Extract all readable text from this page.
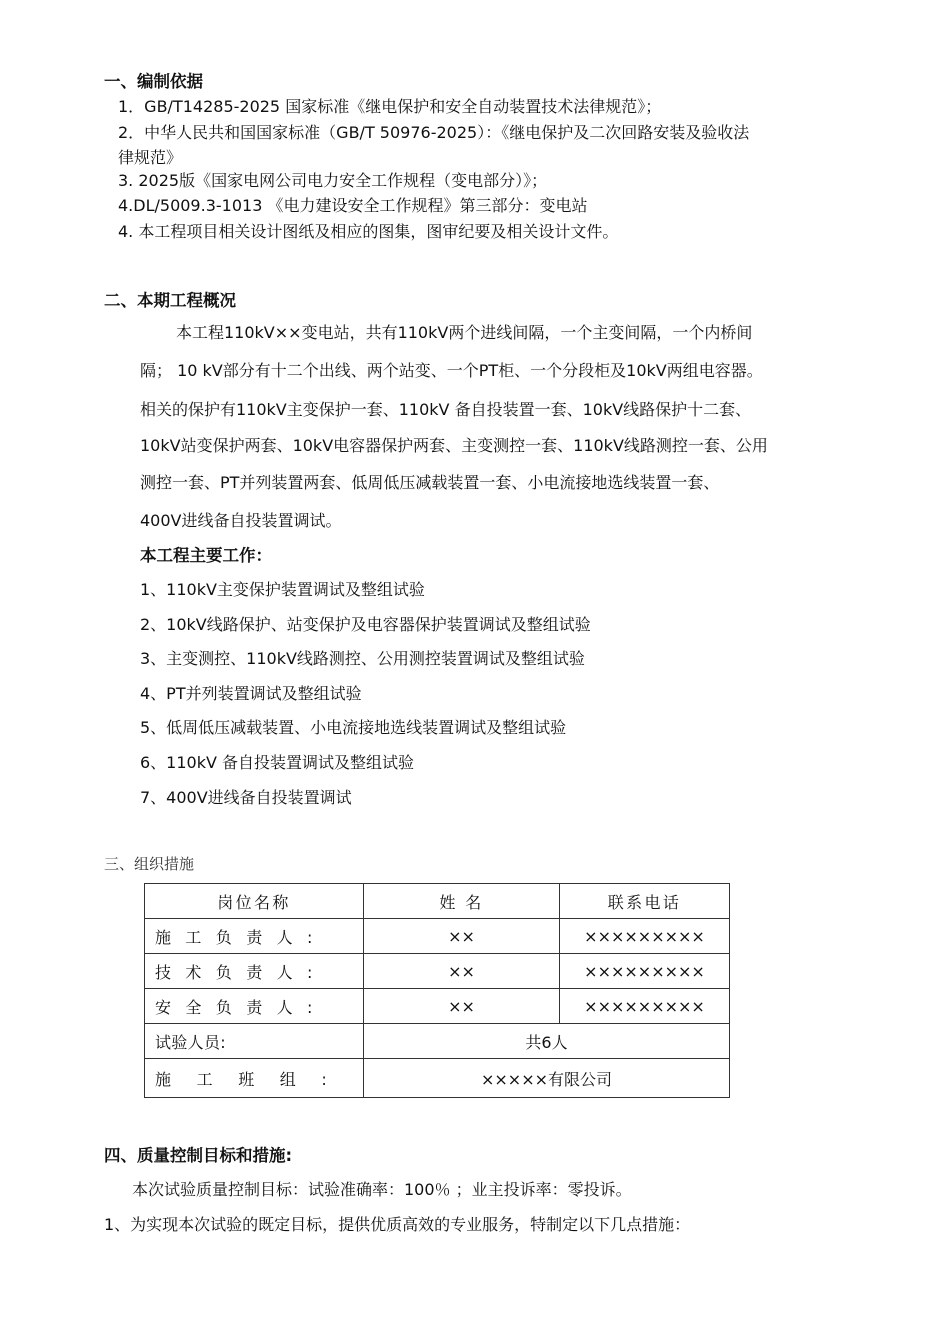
一、编制依据
1．GB/T14285-2025 国家标准《继电保护和安全自动装置技术法律规范》；
2．中华人民共和国国家标准（GB/T 50976-2025）：《继电保护及二次回路安装及验收法
律规范》
3. 2025版《国家电网公司电力安全工作规程（变电部分）》；
4.DL/5009.3-1013 《电力建设安全工作规程》第三部分：变电站
4. 本工程项目相关设计图纸及相应的图集，图审纪要及相关设计文件。
二、本期工程概况
本工程110kV××变电站，共有110kV两个进线间隔，一个主变间隔，一个内桥间
隔； 10 kV部分有十二个出线、两个站变、一个PT柜、一个分段柜及10kV两组电容器。
相关的保护有110kV主变保护一套、110kV 备自投装置一套、10kV线路保护十二套、
10kV站变保护两套、10kV电容器保护两套、主变测控一套、110kV线路测控一套、公用
测控一套、PT并列装置两套、低周低压减载装置一套、小电流接地选线装置一套、
400V进线备自投装置调试。
本工程主要工作：
1、110kV主变保护装置调试及整组试验
2、10kV线路保护、站变保护及电容器保护装置调试及整组试验
3、主变测控、110kV线路测控、公用测控装置调试及整组试验
4、PT并列装置调试及整组试验
5、低周低压减载装置、小电流接地选线装置调试及整组试验
6、110kV 备自投装置调试及整组试验
7、400V进线备自投装置调试
三、组织措施
岗位名称	姓 名	联系电话
施工负责人:	××	×××××××××
技术负责人:	××	×××××××××
安全负责人:	××	×××××××××
试验人员:	共6人	
施工班组:	×××××有限公司	
四、质量控制目标和措施:
本次试验质量控制目标：试验准确率：100％ ；业主投诉率：零投诉。
1、为实现本次试验的既定目标，提供优质高效的专业服务，特制定以下几点措施：
